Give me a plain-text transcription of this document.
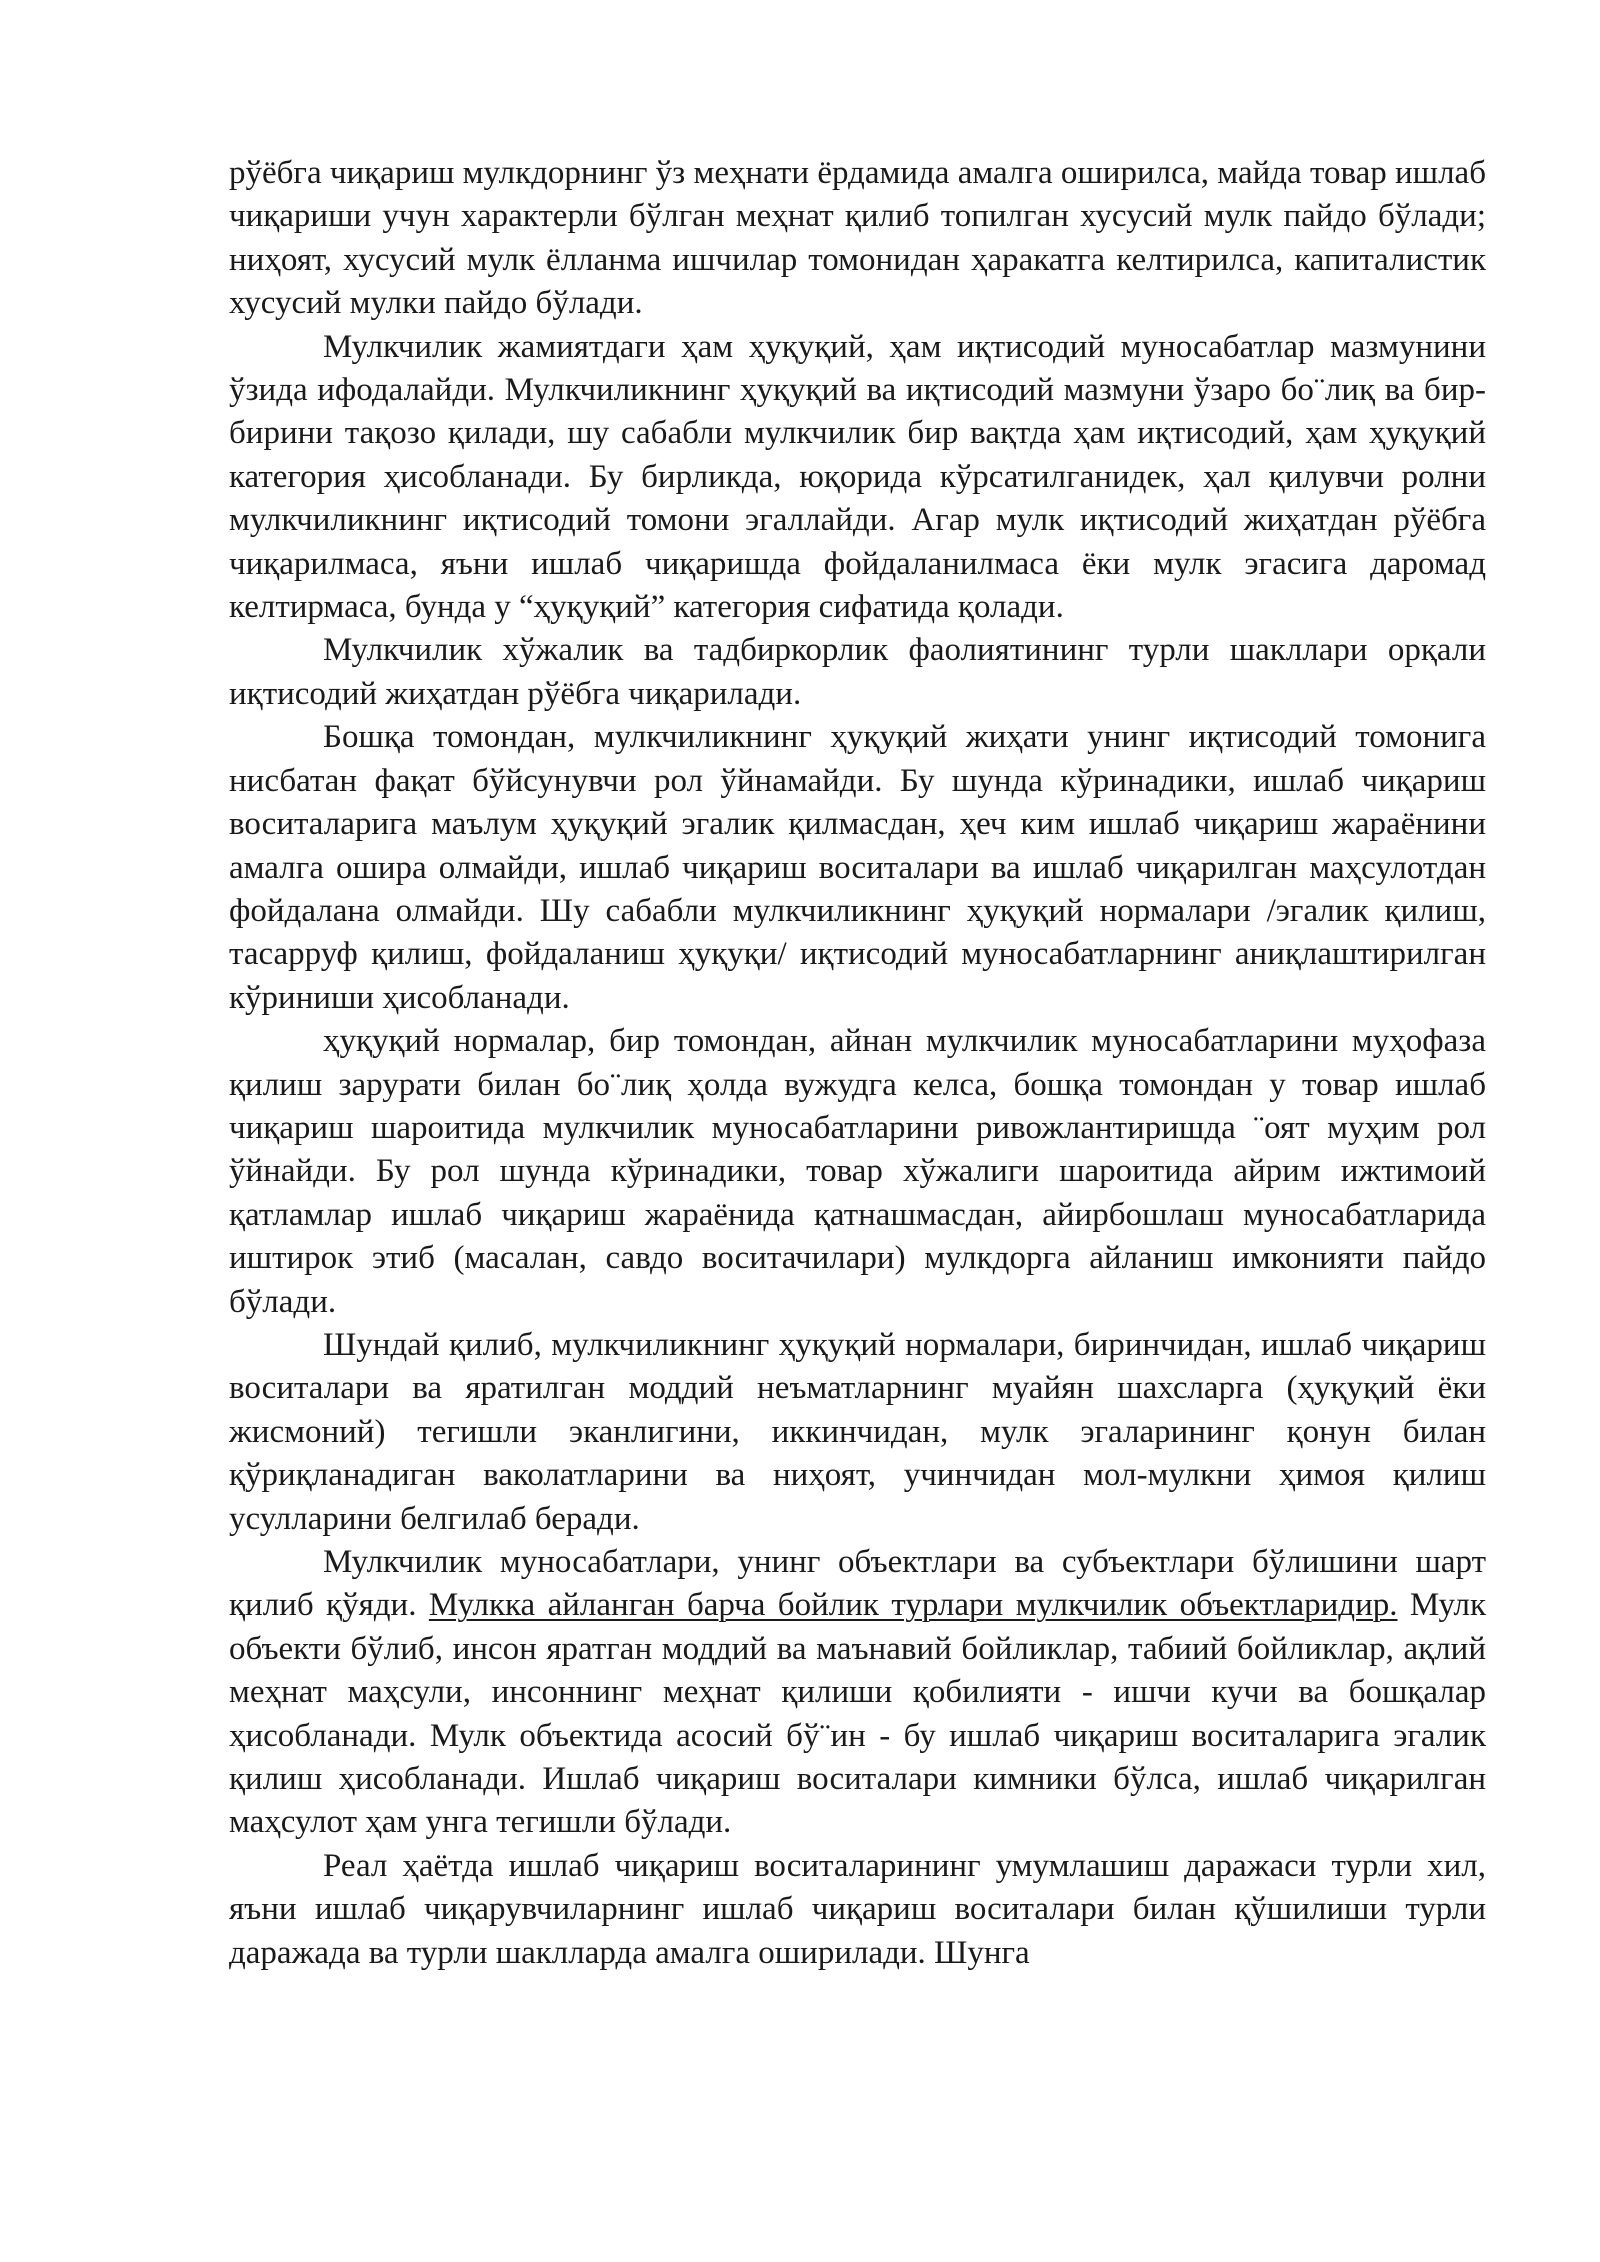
рўёбга чиқариш мулкдорнинг ўз меҳнати ёрдамида амалга оширилса, майда товар ишлаб чиқариши учун характерли бўлган меҳнат қилиб топилган хусусий мулк пайдо бўлади; ниҳоят, хусусий мулк ёлланма ишчилар томонидан ҳаракатга келтирилса, капиталистик хусусий мулки пайдо бўлади.

Мулкчилик жамиятдаги ҳам ҳуқуқий, ҳам иқтисодий муносабатлар мазмунини ўзида ифодалайди. Мулкчиликнинг ҳуқуқий ва иқтисодий мазмуни ўзаро бо¨лиқ ва бир-бирини тақозо қилади, шу сабабли мулкчилик бир вақтда ҳам иқтисодий, ҳам ҳуқуқий категория ҳисобланади. Бу бирликда, юқорида кўрсатилганидек, ҳал қилувчи ролни мулкчиликнинг иқтисодий томони эгаллайди. Агар мулк иқтисодий жиҳатдан рўёбга чиқарилмаса, яъни ишлаб чиқаришда фойдаланилмаса ёки мулк эгасига даромад келтирмаса, бунда у “ҳуқуқий” категория сифатида қолади.

Мулкчилик хўжалик ва тадбиркорлик фаолиятининг турли шакллари орқали иқтисодий жиҳатдан рўёбга чиқарилади.

Бошқа томондан, мулкчиликнинг ҳуқуқий жиҳати унинг иқтисодий томонига нисбатан фақат бўйсунувчи рол ўйнамайди. Бу шунда кўринадики, ишлаб чиқариш воситаларига маълум ҳуқуқий эгалик қилмасдан, ҳеч ким ишлаб чиқариш жараёнини амалга ошира олмайди, ишлаб чиқариш воситалари ва ишлаб чиқарилган маҳсулотдан фойдалана олмайди. Шу сабабли мулкчиликнинг ҳуқуқий нормалари /эгалик қилиш, тасарруф қилиш, фойдаланиш ҳуқуқи/ иқтисодий муносабатларнинг аниқлаштирилган кўриниши ҳисобланади.

ҳуқуқий нормалар, бир томондан, айнан мулкчилик муносабатларини муҳофаза қилиш зарурати билан бо¨лиқ ҳолда вужудга келса, бошқа томондан у товар ишлаб чиқариш шароитида мулкчилик муносабатларини ривожлантиришда ¨оят муҳим рол ўйнайди. Бу рол шунда кўринадики, товар хўжалиги шароитида айрим ижтимоий қатламлар ишлаб чиқариш жараёнида қатнашмасдан, айирбошлаш муносабатларида иштирок этиб (масалан, савдо воситачилари) мулкдорга айланиш имконияти пайдо бўлади.

Шундай қилиб, мулкчиликнинг ҳуқуқий нормалари, биринчидан, ишлаб чиқариш воситалари ва яратилган моддий неъматларнинг муайян шахсларга (ҳуқуқий ёки жисмоний) тегишли эканлигини, иккинчидан, мулк эгаларининг қонун билан қўриқланадиган ваколатларини ва ниҳоят, учинчидан мол-мулкни ҳимоя қилиш усулларини белгилаб беради.

Мулкчилик муносабатлари, унинг объектлари ва субъектлари бўлишини шарт қилиб қўяди. Мулкка айланган барча бойлик турлари мулкчилик объектларидир. Мулк объекти бўлиб, инсон яратган моддий ва маънавий бойликлар, табиий бойликлар, ақлий меҳнат маҳсули, инсоннинг меҳнат қилиши қобилияти - ишчи кучи ва бошқалар ҳисобланади. Мулк объектида асосий бў¨ин - бу ишлаб чиқариш воситаларига эгалик қилиш ҳисобланади. Ишлаб чиқариш воситалари кимники бўлса, ишлаб чиқарилган маҳсулот ҳам унга тегишли бўлади.

Реал ҳаётда ишлаб чиқариш воситаларининг умумлашиш даражаси турли хил, яъни ишлаб чиқарувчиларнинг ишлаб чиқариш воситалари билан қўшилиши турли даражада ва турли шаклларда амалга оширилади. Шунга
